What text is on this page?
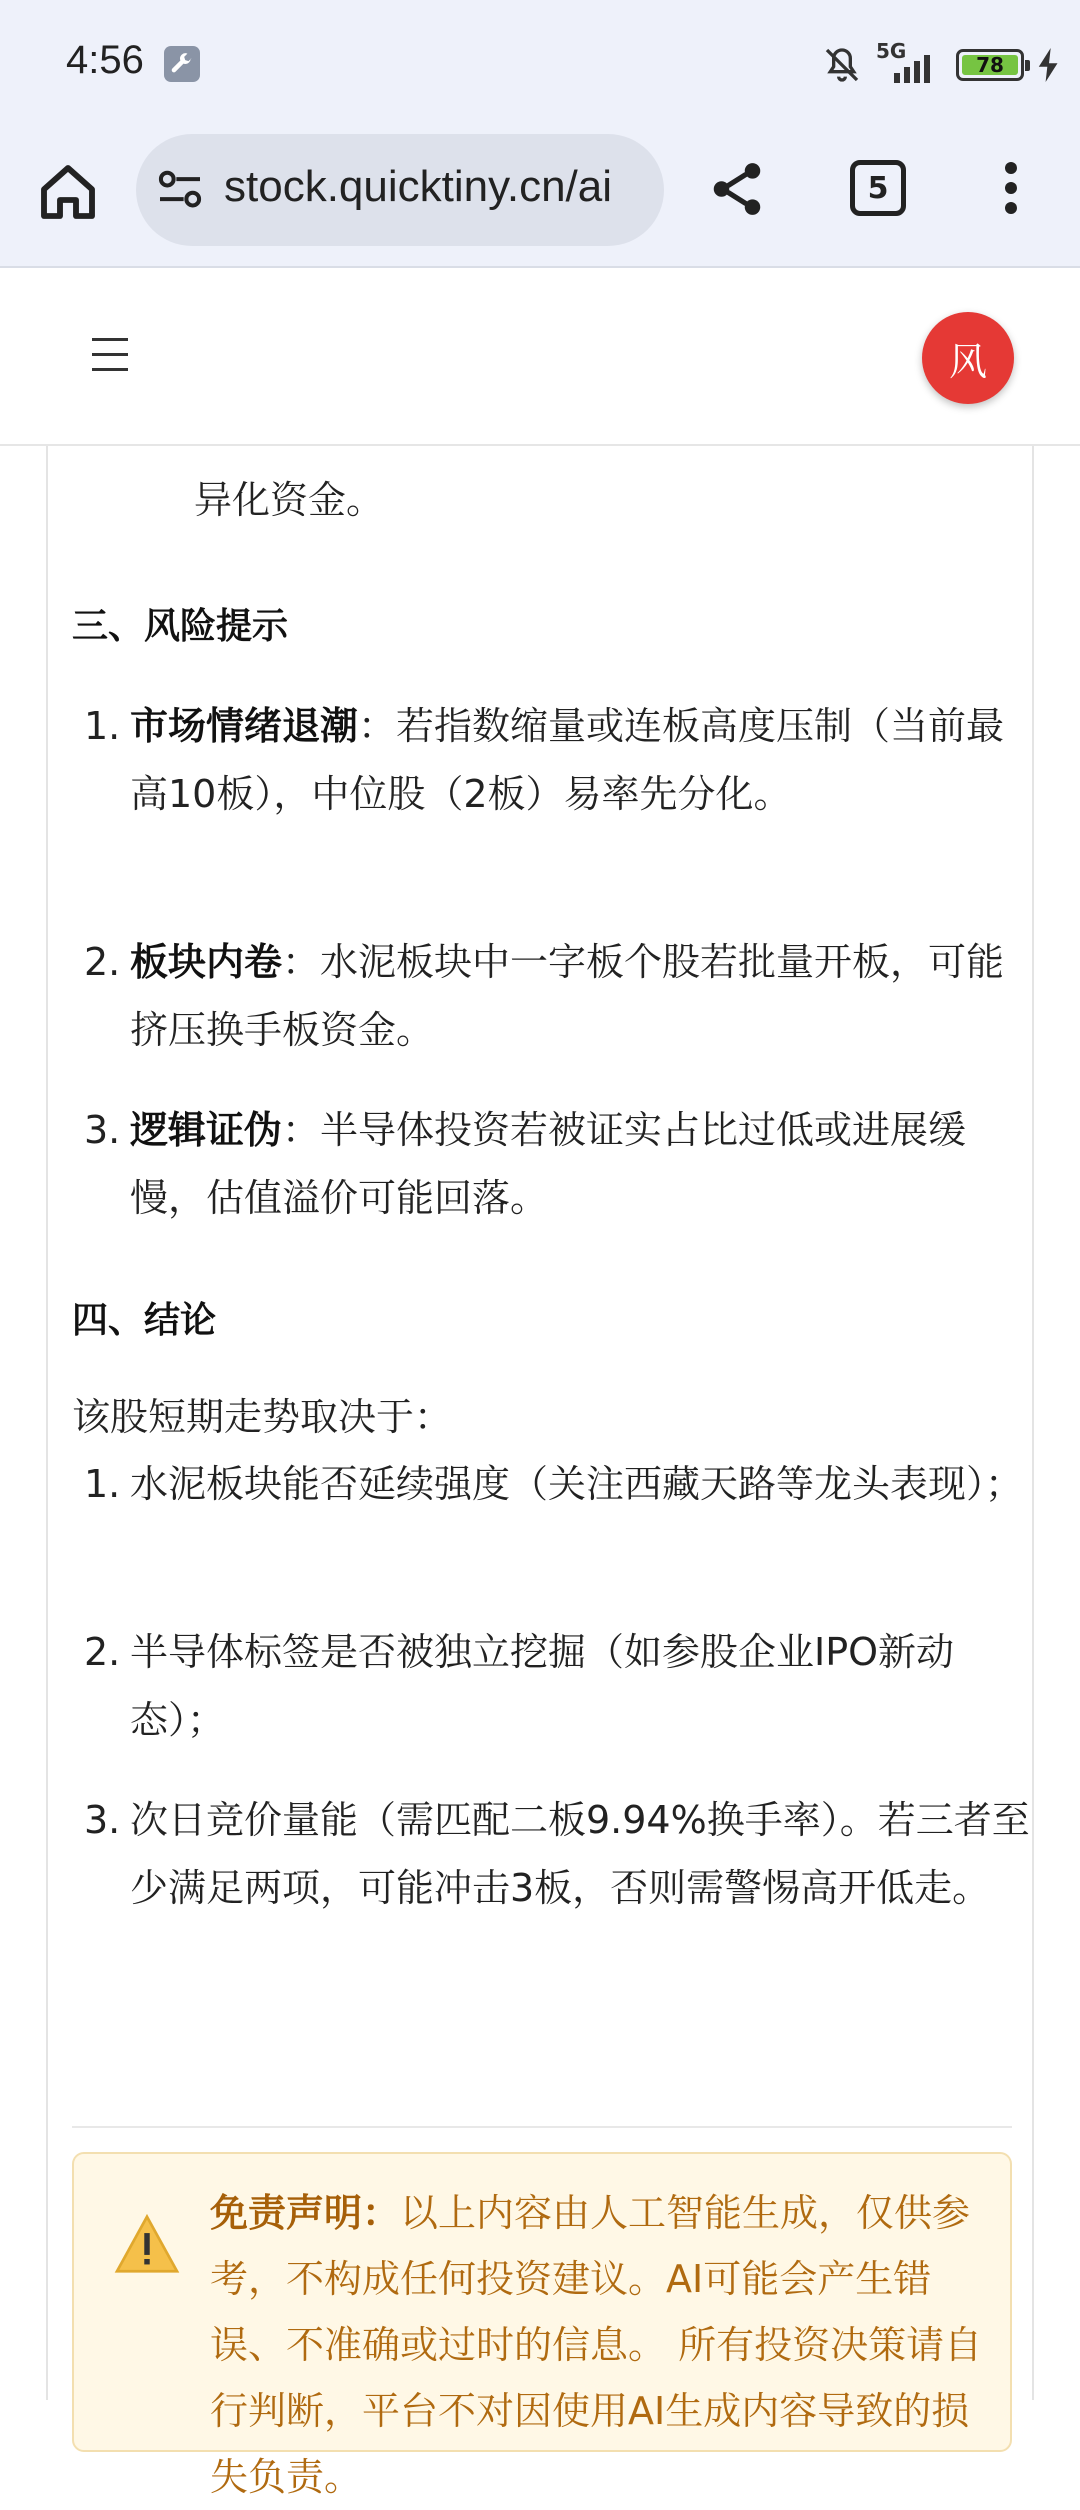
4:56	5G
78
stock.quicktiny.cn/ai	5
风
异化资金。
三、风险提示
1. 市场情绪退潮：若指数缩量或连板高度压制（当前最高10板），中位股（2板）易率先分化。
2. 板块内卷：水泥板块中一字板个股若批量开板，可能挤压换手板资金。
3. 逻辑证伪：半导体投资若被证实占比过低或进展缓慢，估值溢价可能回落。
四、结论
该股短期走势取决于：
1. 水泥板块能否延续强度（关注西藏天路等龙头表现）；
2. 半导体标签是否被独立挖掘（如参股企业IPO新动态）；
3. 次日竞价量能（需匹配二板9.94%换手率）。若三者至少满足两项，可能冲击3板，否则需警惕高开低走。
免责声明：以上内容由人工智能生成，仅供参考，不构成任何投资建议。AI可能会产生错误、不准确或过时的信息。 所有投资决策请自行判断，平台不对因使用AI生成内容导致的损失负责。
